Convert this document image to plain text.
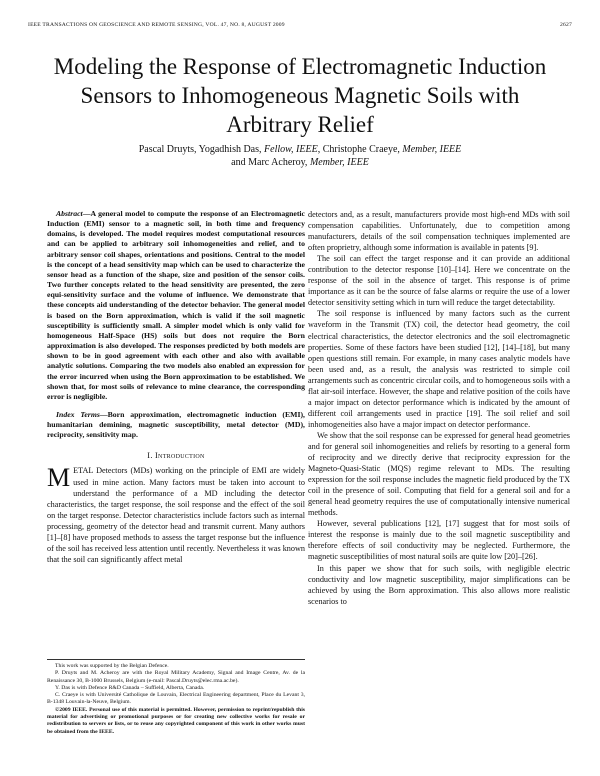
IEEE TRANSACTIONS ON GEOSCIENCE AND REMOTE SENSING, VOL. 47, NO. 8, AUGUST 2009	2627
Modeling the Response of Electromagnetic Induction Sensors to Inhomogeneous Magnetic Soils with Arbitrary Relief
Pascal Druyts, Yogadhish Das, Fellow, IEEE, Christophe Craeye, Member, IEEE
and Marc Acheroy, Member, IEEE

Abstract—A general model to compute the response of an Electromagnetic Induction (EMI) sensor to a magnetic soil, in both time and frequency domains, is developed. The model requires modest computational resources and can be applied to arbitrary soil inhomogeneities and relief, and to arbitrary sensor coil shapes, orientations and positions. Central to the model is the concept of a head sensitivity map which can be used to characterize the sensor head as a function of the shape, size and position of the sensor coils. Two further concepts related to the head sensitivity are presented, the zero equi-sensitivity surface and the volume of influence. We demonstrate that these concepts aid understanding of the detector behavior. The general model is based on the Born approximation, which is valid if the soil magnetic susceptibility is sufficiently small. A simpler model which is only valid for homogeneous Half-Space (HS) soils but does not require the Born approximation is also developed. The responses predicted by both models are shown to be in good agreement with each other and also with available analytic solutions. Comparing the two models also enabled an expression for the error incurred when using the Born approximation to be established. We shown that, for most soils of relevance to mine clearance, the corresponding error is negligible.

Index Terms—Born approximation, electromagnetic induction (EMI), humanitarian demining, magnetic susceptibility, metal detector (MD), reciprocity, sensitivity map.

I. Introduction

METAL Detectors (MDs) working on the principle of EMI are widely used in mine action. Many factors must be taken into account to understand the performance of a MD including the detector characteristics, the target response, the soil response and the effect of the soil on the target response. Detector characteristics include factors such as internal processing, geometry of the detector head and transmit current. Many authors [1]–[8] have proposed methods to assess the target response but the influence of the soil has received less attention until recently. Nevertheless it was known that the soil can significantly affect metal

This work was supported by the Belgian Defence.

P. Druyts and M. Acheroy are with the Royal Military Academy, Signal and Image Centre, Av. de la Renaissance 30, B-1000 Brussels, Belgium (e-mail: Pascal.Druyts@elec.rma.ac.be).

Y. Das is with Defence R&D Canada – Suffield, Alberta, Canada.

C. Craeye is with Université Catholique de Louvain, Electrical Engineering department, Place du Levant 3, B-1348 Louvain-la-Neuve, Belgium.

©2009 IEEE. Personal use of this material is permitted. However, permission to reprint/republish this material for advertising or promotional purposes or for creating new collective works for resale or redistribution to servers or lists, or to reuse any copyrighted component of this work in other works must be obtained from the IEEE.

detectors and, as a result, manufacturers provide most high-end MDs with soil compensation capabilities. Unfortunately, due to competition among manufacturers, details of the soil compensation techniques implemented are often proprietry, although some information is available in patents [9].

The soil can effect the target response and it can provide an additional contribution to the detector response [10]–[14]. Here we concentrate on the response of the soil in the absence of target. This response is of prime importance as it can be the source of false alarms or require the use of a lower detector sensitivity setting which in turn will reduce the target detectability.

The soil response is influenced by many factors such as the current waveform in the Transmit (TX) coil, the detector head geometry, the coil electrical characteristics, the detector electronics and the soil electromagnetic properties. Some of these factors have been studied [12], [14]–[18], but many open questions still remain. For example, in many cases analytic models have been used and, as a result, the analysis was restricted to simple coil arrangements such as concentric circular coils, and to homogeneous soils with a flat air-soil interface. However, the shape and relative position of the coils have a major impact on detector performance which is indicated by the amount of different coil arrangements used in practice [19]. The soil relief and soil inhomogeneities also have a major impact on detector performance.

We show that the soil response can be expressed for general head geometries and for general soil inhomogeneities and reliefs by resorting to a general form of reciprocity and we directly derive that reciprocity expression for the Magneto-Quasi-Static (MQS) regime relevant to MDs. The resulting expression for the soil response includes the magnetic field produced by the TX coil in the presence of soil. Computing that field for a general soil and for a general head geometry requires the use of computationally intensive numerical methods.

However, several publications [12], [17] suggest that for most soils of interest the response is mainly due to the soil magnetic susceptibility and therefore effects of soil conductivity may be neglected. Furthermore, the magnetic susceptibilities of most natural soils are quite low [20]–[26].

In this paper we show that for such soils, with negligible electric conductivity and low magnetic susceptibility, major simplifications can be achieved by using the Born approximation. This also allows more realistic scenarios to
